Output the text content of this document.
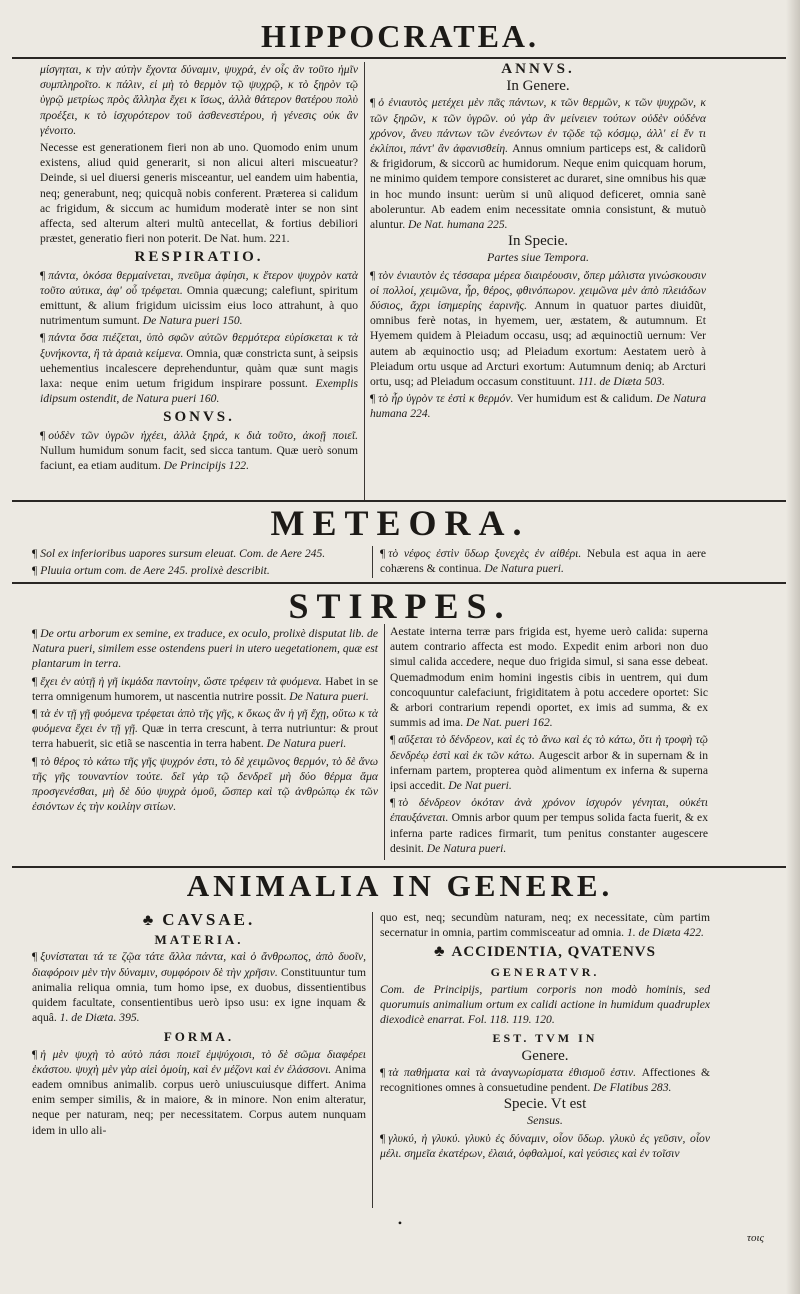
HIPPOCRATEA.

μίσγηται, κ τὴν αὐτὴν ἔχοντα δύναμιν, ψυχρά, ἐν οἷς ἂν τοῦτο ἡμῖν συμπληροῖτο. κ πάλιν, εἰ μὴ τὸ θερμὸν τῷ ψυχρῷ, κ τὸ ξηρὸν τῷ ὑγρῷ μετρίως πρὸς ἄλληλα ἔχει κ ἴσως, ἀλλὰ θάτερον θατέρου πολὺ προέξει, κ τὸ ἰσχυρότερον τοῦ ἀσθενεστέρου, ἡ γένεσις οὐκ ἂν γένοιτο.

Necesse est generationem fieri non ab uno. Quomodo enim unum existens, aliud quid generarit, si non alicui alteri miscueatur? Deinde, si uel diuersi generis misceantur, uel eandem uim habentia, neq; generabunt, neq; quicquã nobis conferent. Præterea si calidum ac frigidum, & siccum ac humidum moderatè inter se non sint affecta, sed alterum alteri multũ antecellat, & fortius debiliori præstet, generatio fieri non poterit. De Nat. hum. 221.

RESPIRATIO.

¶ πάντα, ὁκόσα θερμαίνεται, πνεῦμα ἀφίησι, κ ἕτερον ψυχρὸν κατὰ τοῦτο αὐτικα, ἀφ' οὗ τρέφεται. Omnia quæcung; calefiunt, spiritum emittunt, & alium frigidum uicissim eius loco attrahunt, à quo nutrimentum sumunt. De Natura pueri 150.

¶ πάντα ὅσα πιέζεται, ὑπὸ σφῶν αὐτῶν θερμότερα εὑρίσκεται κ τὰ ξυνήκοντα, ἢ τὰ ἀραιὰ κείμενα. Omnia, quæ constricta sunt, à seipsis uehementius incalescere deprehenduntur, quàm quæ sunt magis laxa: neque enim uetum frigidum inspirare possunt. Exemplis idipsum ostendit, de Natura pueri 160.

SONVS.

¶ οὐδὲν τῶν ὑγρῶν ἠχέει, ἀλλὰ ξηρά, κ διὰ τοῦτο, ἀκοῇ ποιεῖ. Nullum humidum sonum facit, sed sicca tantum. Quæ uerò sonum faciunt, ea etiam auditum. De Principijs 122.

ANNVS.
In Genere.

¶ ὁ ἐνιαυτὸς μετέχει μὲν πᾶς πάντων, κ τῶν θερμῶν, κ τῶν ψυχρῶν, κ τῶν ξηρῶν, κ τῶν ὑγρῶν. οὐ γὰρ ἂν μείνειεν τούτων οὐδὲν οὐδένα χρόνον, ἄνευ πάντων τῶν ἐνεόντων ἐν τῷδε τῷ κόσμῳ, ἀλλ' εἰ ἕν τι ἐκλίποι, πάντ' ἂν ἀφανισθείη. Annus omnium particeps est, & calidorũ & frigidorum, & siccorũ ac humidorum. Neque enim quicquam horum, ne minimo quidem tempore consisteret ac duraret, sine omnibus his quæ in hoc mundo insunt: uerùm si unũ aliquod deficeret, omnia sanè aboleruntur. Ab eadem enim necessitate omnia consistunt, & mutuò aluntur. De Nat. humana 225.

In Specie.
Partes siue Tempora.

¶ τὸν ἐνιαυτὸν ἐς τέσσαρα μέρεα διαιρέουσιν, ὅπερ μάλιστα γινώσκουσιν οἱ πολλοί, χειμῶνα, ἦρ, θέρος, φθινόπωρον. χειμῶνα μὲν ἀπὸ πλειάδων δύσιος, ἄχρι ἰσημερίης ἐαρινῆς. Annum in quatuor partes diuidũt, omnibus ferè notas, in hyemem, uer, æstatem, & autumnum. Et Hyemem quidem à Pleiadum occasu, usq; ad æquinoctiũ uernum: Ver autem ab æquinoctio usq; ad Pleiadum exortum: Aestatem uerò à Pleiadum ortu usque ad Arcturi exortum: Autumnum deniq; ab Arcturi ortu, usq; ad Pleiadum occasum constituunt. 111. de Diæta 503.

¶ τὸ ἦρ ὑγρὸν τε ἐστὶ κ θερμόν. Ver humidum est & calidum. De Natura humana 224.

METEORA.

¶ Sol ex inferioribus uapores sursum eleuat. Com. de Aere 245.

¶ Pluuia ortum com. de Aere 245. prolixè describit.

¶ τὸ νέφος ἐστὶν ὕδωρ ξυνεχὲς ἐν αἰθέρι. Nebula est aqua in aere cohærens & continua. De Natura pueri.

STIRPES.

¶ De ortu arborum ex semine, ex traduce, ex oculo, prolixè disputat lib. de Natura pueri, similem esse ostendens pueri in utero uegetationem, quæ est plantarum in terra.

¶ ἔχει ἐν αὐτῇ ἡ γῆ ἰκμάδα παντοίην, ὥστε τρέφειν τὰ φυόμενα. Habet in se terra omnigenum humorem, ut nascentia nutrire possit. De Natura pueri.

¶ τὰ ἐν τῇ γῇ φυόμενα τρέφεται ἀπὸ τῆς γῆς, κ ὅκως ἂν ἡ γῆ ἔχῃ, οὕτω κ τὰ φυόμενα ἔχει ἐν τῇ γῇ. Quæ in terra crescunt, à terra nutriuntur: & prout terra habuerit, sic etiã se nascentia in terra habent. De Natura pueri.

¶ τὸ θέρος τὸ κάτω τῆς γῆς ψυχρόν ἐστι, τὸ δὲ χειμῶνος θερμόν, τὸ δὲ ἄνω τῆς γῆς τουναντίον τούτε. δεῖ γὰρ τῷ δενδρεῖ μὴ δύο θέρμα ἅμα προσγενέσθαι, μὴ δὲ δύο ψυχρὰ ὁμοῦ, ὥσπερ καὶ τῷ ἀνθρώπῳ ἐκ τῶν ἐσιόντων ἐς τὴν κοιλίην σιτίων.

Aestate interna terræ pars frigida est, hyeme uerò calida: superna autem contrario affecta est modo. Expedit enim arbori non duo simul calida accedere, neque duo frigida simul, si sana esse debeat. Quemadmodum enim homini ingestis cibis in uentrem, qui dum concoquuntur calefaciunt, frigiditatem à potu accedere oportet: Sic & arbori contrarium rependi oportet, ex imis ad summa, & ex summis ad ima. De Nat. pueri 162.

¶ αὔξεται τὸ δένδρεον, καὶ ἐς τὸ ἄνω καὶ ἐς τὸ κάτω, ὅτι ἡ τροφὴ τῷ δενδρέῳ ἐστὶ καὶ ἐκ τῶν κάτω. Augescit arbor & in supernam & in infernam partem, propterea quòd alimentum ex inferna & superna ipsi accedit. De Nat pueri.

¶ τὸ δένδρεον ὁκόταν ἀνὰ χρόνον ἰσχυρόν γένηται, οὐκέτι ἐπαυξάνεται. Omnis arbor quum per tempus solida facta fuerit, & ex inferna parte radices firmarit, tum penitus constanter augescere desinit. De Natura pueri.

ANIMALIA IN GENERE.
♣ CAVSAE.
MATERIA.

¶ ξυνίσταται τά τε ζῷα τάτε ἄλλα πάντα, καὶ ὁ ἄνθρωπος, ἀπὸ δυοῖν, διαφόροιν μὲν τὴν δύναμιν, συμφόροιν δὲ τὴν χρῆσιν. Constituuntur tum animalia reliqua omnia, tum homo ipse, ex duobus, dissentientibus quidem facultate, consentientibus uerò ipso usu: ex igne inquam & aquâ. 1. de Diæta. 395.

FORMA.

¶ ἡ μὲν ψυχὴ τὸ αὐτὸ πάσι ποιεῖ ἐμψύχοισι, τὸ δὲ σῶμα διαφέρει ἑκάστου. ψυχὴ μὲν γὰρ αἰεὶ ὁμοίη, καὶ ἐν μέζονι καὶ ἐν ἐλάσσονι. Anima eadem omnibus animalib. corpus uerò uniuscuiusque differt. Anima enim semper similis, & in maiore, & in minore. Non enim alteratur, neque per naturam, neq; per necessitatem. Corpus autem nunquam idem in ullo ali-

quo est, neq; secundùm naturam, neq; ex necessitate, cùm partim secernatur in omnia, partim commisceatur ad omnia. 1. de Diæta 422.

♣ ACCIDENTIA, QVATENVS
GENERATVR.

Com. de Principijs, partium corporis non modò hominis, sed quorumuis animalium ortum ex calidi actione in humidum quadruplex diexodicè enarrat. Fol. 118. 119. 120.

EST. TVM IN
Genere.

¶ τὰ παθήματα καὶ τὰ ἀναγνωρίσματα ἐθισμοῦ ἐστιν. Affectiones & recognitiones omnes à consuetudine pendent. De Flatibus 283.

Specie. Vt est
Sensus.

¶ γλυκύ, ἡ γλυκύ. γλυκὺ ἐς δύναμιν, οἷον ὕδωρ. γλυκὺ ἐς γεῦσιν, οἷον μέλι. σημεῖα ἐκατέρων, ἐλαιά, ὀφθαλμοί, καὶ γεύσιες καὶ ἐν τοῖσιν

•
τοις
